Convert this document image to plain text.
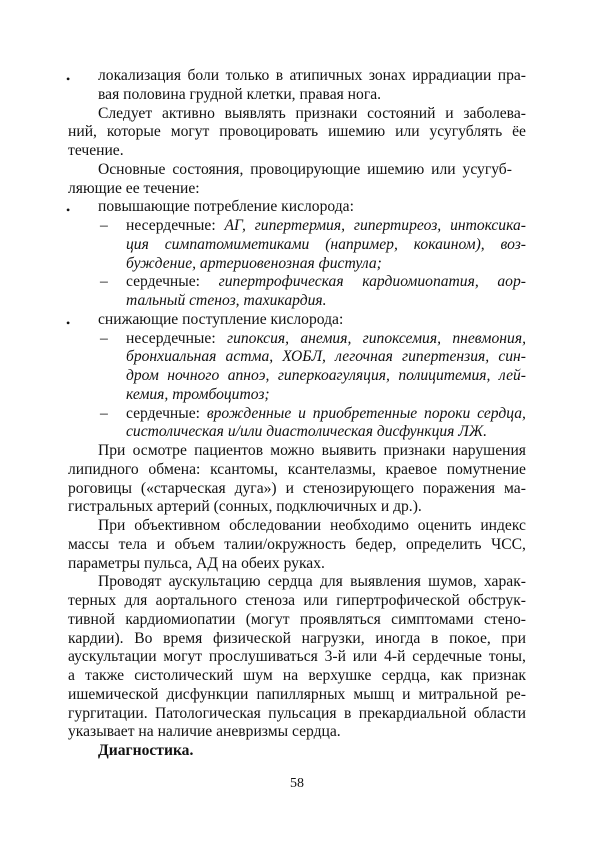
•
•
–
–
•
–
–
локализация боли только в атипичных зонах иррадиации пра-
вая половина грудной клетки, правая нога.
Следует активно выявлять признаки состояний и заболева-
ний, которые могут провоцировать ишемию или усугублять ёе
течение.
Основные состояния, провоцирующие ишемию или усугуб-
ляющие ее течение:
повышающие потребление кислорода:
несердечные: АГ, гипертермия, гипертиреоз, интоксика-
ция симпатомиметиками (например, кокаином), воз-
буждение, артериовенозная фистула;
сердечные: гипертрофическая кардиомиопатия, аор-
тальный стеноз, тахикардия.
снижающие поступление кислорода:
несердечные: гипоксия, анемия, гипоксемия, пневмония,
бронхиальная астма, ХОБЛ, легочная гипертензия, син-
дром ночного апноэ, гиперкоагуляция, полицитемия, лей-
кемия, тромбоцитоз;
сердечные: врожденные и приобретенные пороки сердца,
систолическая и/или диастолическая дисфункция ЛЖ.
При осмотре пациентов можно выявить признаки нарушения
липидного обмена: ксантомы, ксантелазмы, краевое помутнение
роговицы («старческая дуга») и стенозирующего поражения ма-
гистральных артерий (сонных, подключичных и др.).
При объективном обследовании необходимо оценить индекс
массы тела и объем талии/окружность бедер, определить ЧСС,
параметры пульса, АД на обеих руках.
Проводят аускультацию сердца для выявления шумов, харак-
терных для аортального стеноза или гипертрофической обструк-
тивной кардиомиопатии (могут проявляться симптомами стено-
кардии). Во время физической нагрузки, иногда в покое, при
аускультации могут прослушиваться 3-й или 4-й сердечные тоны,
а также систолический шум на верхушке сердца, как признак
ишемической дисфункции папиллярных мышц и митральной ре-
гургитации. Патологическая пульсация в прекардиальной области
указывает на наличие аневризмы сердца.
Диагностика.
58
